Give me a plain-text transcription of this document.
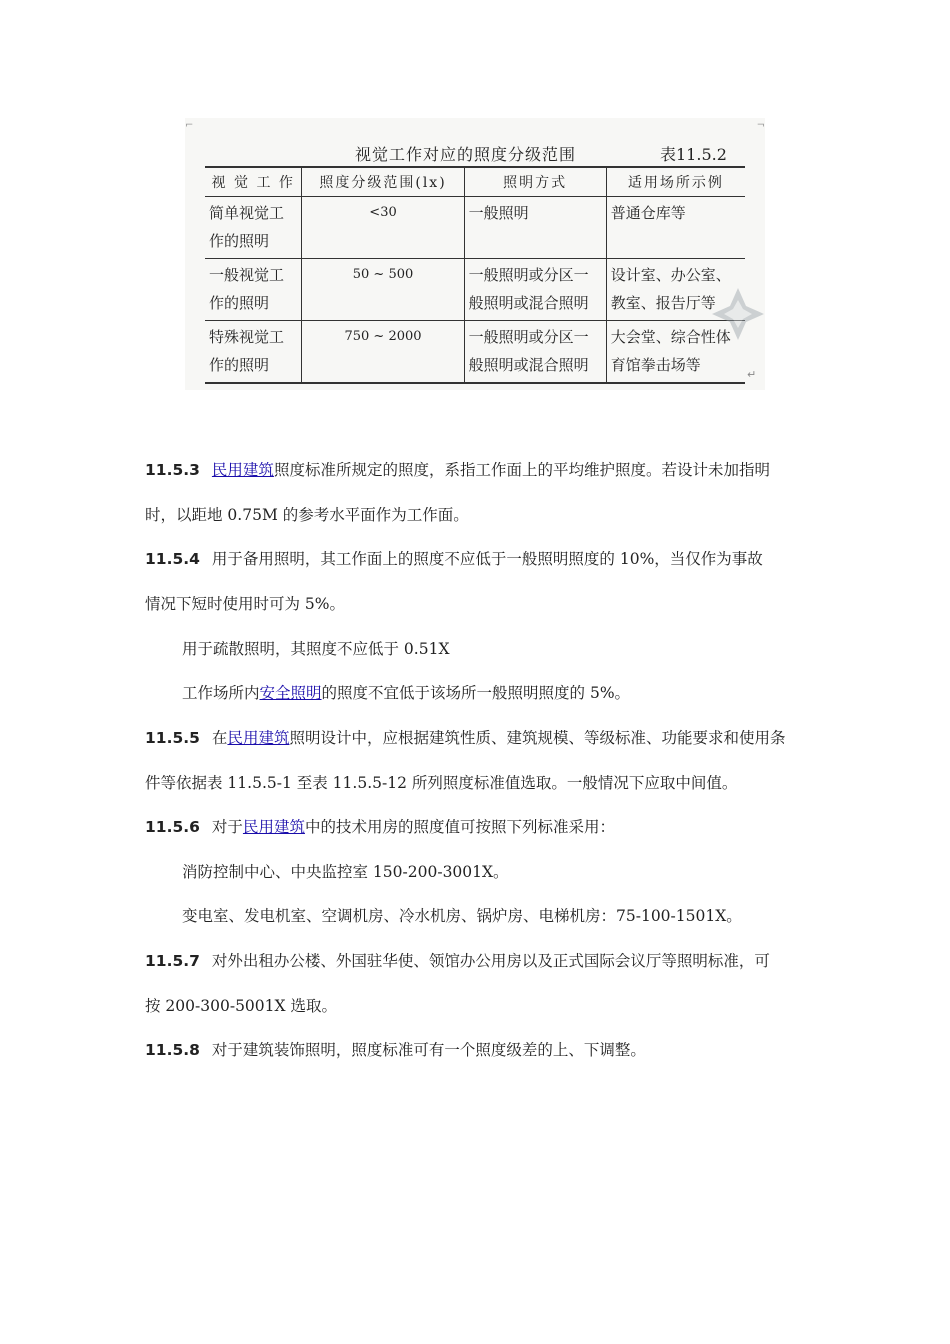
⌐	¬
视觉工作对应的照度分级范围	表11.5.2
视 觉 工 作	照度分级范围(lx)	照明方式	适用场所示例
简单视觉工作的照明	<30	一般照明	普通仓库等
一般视觉工作的照明	50 ~ 500	一般照明或分区一般照明或混合照明	设计室、办公室、教室、报告厅等
特殊视觉工作的照明	750 ~ 2000	一般照明或分区一般照明或混合照明	大会堂、综合性体育馆拳击场等
↵
11.5.3 民用建筑照度标准所规定的照度，系指工作面上的平均维护照度。若设计未加指明
时，以距地 0.75M 的参考水平面作为工作面。
11.5.4 用于备用照明，其工作面上的照度不应低于一般照明照度的 10%，当仅作为事故
情况下短时使用时可为 5%。
用于疏散照明，其照度不应低于 0.51X
工作场所内安全照明的照度不宜低于该场所一般照明照度的 5%。
11.5.5 在民用建筑照明设计中，应根据建筑性质、建筑规模、等级标准、功能要求和使用条
件等依据表 11.5.5-1 至表 11.5.5-12 所列照度标准值选取。一般情况下应取中间值。
11.5.6 对于民用建筑中的技术用房的照度值可按照下列标准采用：
消防控制中心、中央监控室 150-200-3001X。
变电室、发电机室、空调机房、冷水机房、锅炉房、电梯机房：75-100-1501X。
11.5.7 对外出租办公楼、外国驻华使、领馆办公用房以及正式国际会议厅等照明标准，可
按 200-300-5001X 选取。
11.5.8 对于建筑装饰照明，照度标准可有一个照度级差的上、下调整。
